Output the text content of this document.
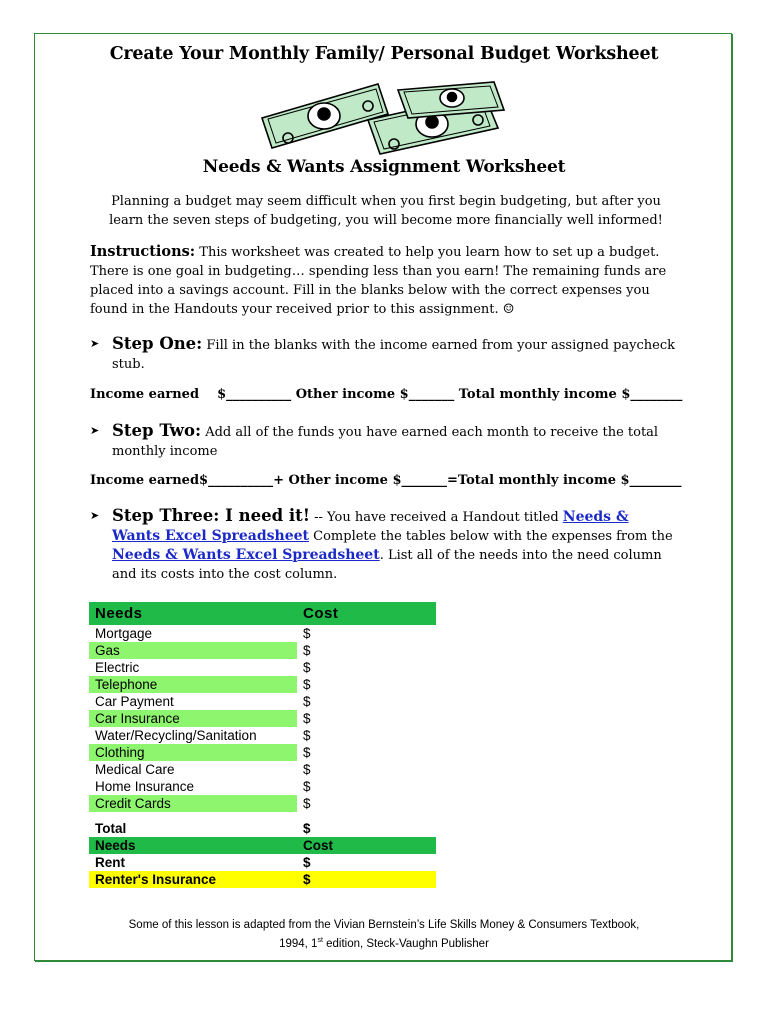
Create Your Monthly Family/ Personal Budget Worksheet
Needs & Wants Assignment Worksheet
Planning a budget may seem difficult when you first begin budgeting, but after you learn the seven steps of budgeting, you will become more financially well informed!
Instructions: This worksheet was created to help you learn how to set up a budget. There is one goal in budgeting… spending less than you earn! The remaining funds are placed into a savings account. Fill in the blanks below with the correct expenses you found in the Handouts your received prior to this assignment. ☺
➤ Step One: Fill in the blanks with the income earned from your assigned paycheck stub.
Income earned    $__________ Other income $_______ Total monthly income $________
➤ Step Two: Add all of the funds you have earned each month to receive the total monthly income
Income earned$__________+ Other income $_______=Total monthly income $________
➤ Step Three: I need it! -- You have received a Handout titled Needs & Wants Excel Spreadsheet Complete the tables below with the expenses from the Needs & Wants Excel Spreadsheet. List all of the needs into the need column and its costs into the cost column.
Needs	Cost
Mortgage	$
Gas	$
Electric	$
Telephone	$
Car Payment	$
Car Insurance	$
Water/Recycling/Sanitation	$
Clothing	$
Medical Care	$
Home Insurance	$
Credit Cards	$

Total	$
Needs	Cost
Rent	$
Renter's Insurance	$
Some of this lesson is adapted from the Vivian Bernstein’s Life Skills Money & Consumers Textbook,
1994, 1st edition, Steck-Vaughn Publisher
